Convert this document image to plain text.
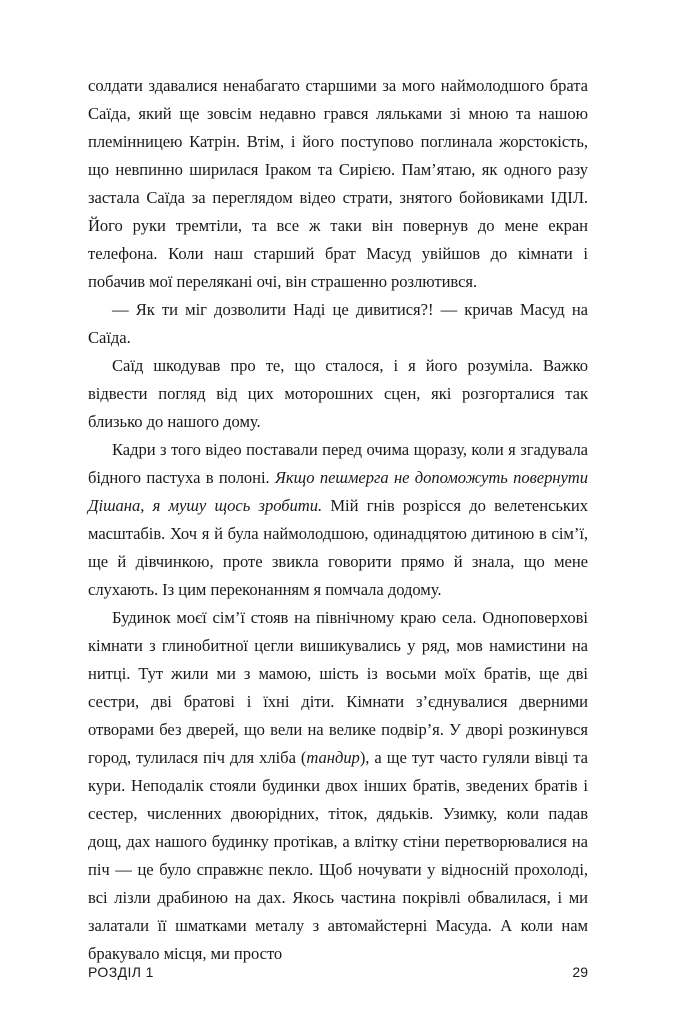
солдати здавалися ненабагато старшими за мого наймолодшого брата Саїда, який ще зовсім недавно грався ляльками зі мною та нашою племінницею Катрін. Втім, і його поступово поглинала жорстокість, що невпинно ширилася Іраком та Сирією. Пам’ятаю, як одного разу застала Саїда за переглядом відео страти, знятого бойовиками ІДІЛ. Його руки тремтіли, та все ж таки він повернув до мене екран телефона. Коли наш старший брат Масуд увійшов до кімнати і побачив мої перелякані очі, він страшенно розлютився.

— Як ти міг дозволити Наді це дивитися?! — кричав Масуд на Саїда.

Саїд шкодував про те, що сталося, і я його розуміла. Важко відвести погляд від цих моторошних сцен, які розгорталися так близько до нашого дому.

Кадри з того відео поставали перед очима щоразу, коли я згадувала бідного пастуха в полоні. Якщо пешмерга не допоможуть повернути Дішана, я мушу щось зробити. Мій гнів розрісся до велетенських масштабів. Хоч я й була наймолодшою, одинадцятою дитиною в сім’ї, ще й дівчинкою, проте звикла говорити прямо й знала, що мене слухають. Із цим переконанням я помчала додому.

Будинок моєї сім’ї стояв на північному краю села. Одноповерхові кімнати з глинобитної цегли вишикувались у ряд, мов намистини на нитці. Тут жили ми з мамою, шість із восьми моїх братів, ще дві сестри, дві братові і їхні діти. Кімнати з’єднувалися дверними отворами без дверей, що вели на велике подвір’я. У дворі розкинувся город, тулилася піч для хліба (тандир), а ще тут часто гуляли вівці та кури. Неподалік стояли будинки двох інших братів, зведених братів і сестер, численних двоюрідних, тіток, дядьків. Узимку, коли падав дощ, дах нашого будинку протікав, а влітку стіни перетворювалися на піч — це було справжнє пекло. Щоб ночувати у відносній прохолоді, всі лізли драбиною на дах. Якось частина покрівлі обвалилася, і ми залатали її шматками металу з автомайстерні Масуда. А коли нам бракувало місця, ми просто

РОЗДІЛ 1	29
